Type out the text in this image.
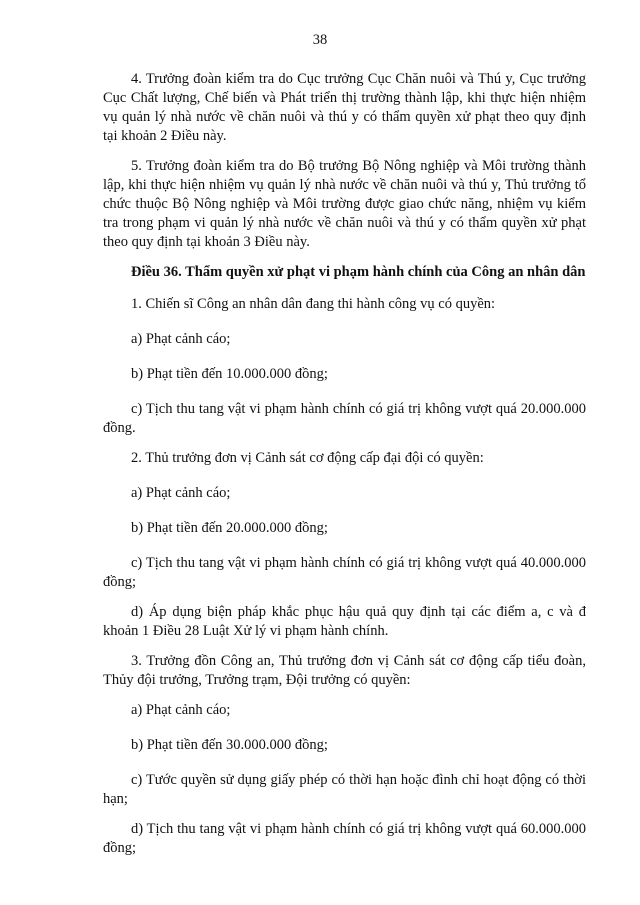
38

4. Trưởng đoàn kiểm tra do Cục trưởng Cục Chăn nuôi và Thú y, Cục trưởng Cục Chất lượng, Chế biến và Phát triển thị trường thành lập, khi thực hiện nhiệm vụ quản lý nhà nước về chăn nuôi và thú y có thẩm quyền xử phạt theo quy định tại khoản 2 Điều này.

5. Trưởng đoàn kiểm tra do Bộ trưởng Bộ Nông nghiệp và Môi trường thành lập, khi thực hiện nhiệm vụ quản lý nhà nước về chăn nuôi và thú y, Thủ trưởng tổ chức thuộc Bộ Nông nghiệp và Môi trường được giao chức năng, nhiệm vụ kiểm tra trong phạm vi quản lý nhà nước về chăn nuôi và thú y có thẩm quyền xử phạt theo quy định tại khoản 3 Điều này.

Điều 36. Thẩm quyền xử phạt vi phạm hành chính của Công an nhân dân

1. Chiến sĩ Công an nhân dân đang thi hành công vụ có quyền:

a) Phạt cảnh cáo;

b) Phạt tiền đến 10.000.000 đồng;

c) Tịch thu tang vật vi phạm hành chính có giá trị không vượt quá 20.000.000 đồng.

2. Thủ trưởng đơn vị Cảnh sát cơ động cấp đại đội có quyền:

a) Phạt cảnh cáo;

b) Phạt tiền đến 20.000.000 đồng;

c) Tịch thu tang vật vi phạm hành chính có giá trị không vượt quá 40.000.000 đồng;

d) Áp dụng biện pháp khắc phục hậu quả quy định tại các điểm a, c và đ khoản 1 Điều 28 Luật Xử lý vi phạm hành chính.

3. Trưởng đồn Công an, Thủ trưởng đơn vị Cảnh sát cơ động cấp tiểu đoàn, Thủy đội trưởng, Trưởng trạm, Đội trưởng có quyền:

a) Phạt cảnh cáo;

b) Phạt tiền đến 30.000.000 đồng;

c) Tước quyền sử dụng giấy phép có thời hạn hoặc đình chỉ hoạt động có thời hạn;

d) Tịch thu tang vật vi phạm hành chính có giá trị không vượt quá 60.000.000 đồng;
